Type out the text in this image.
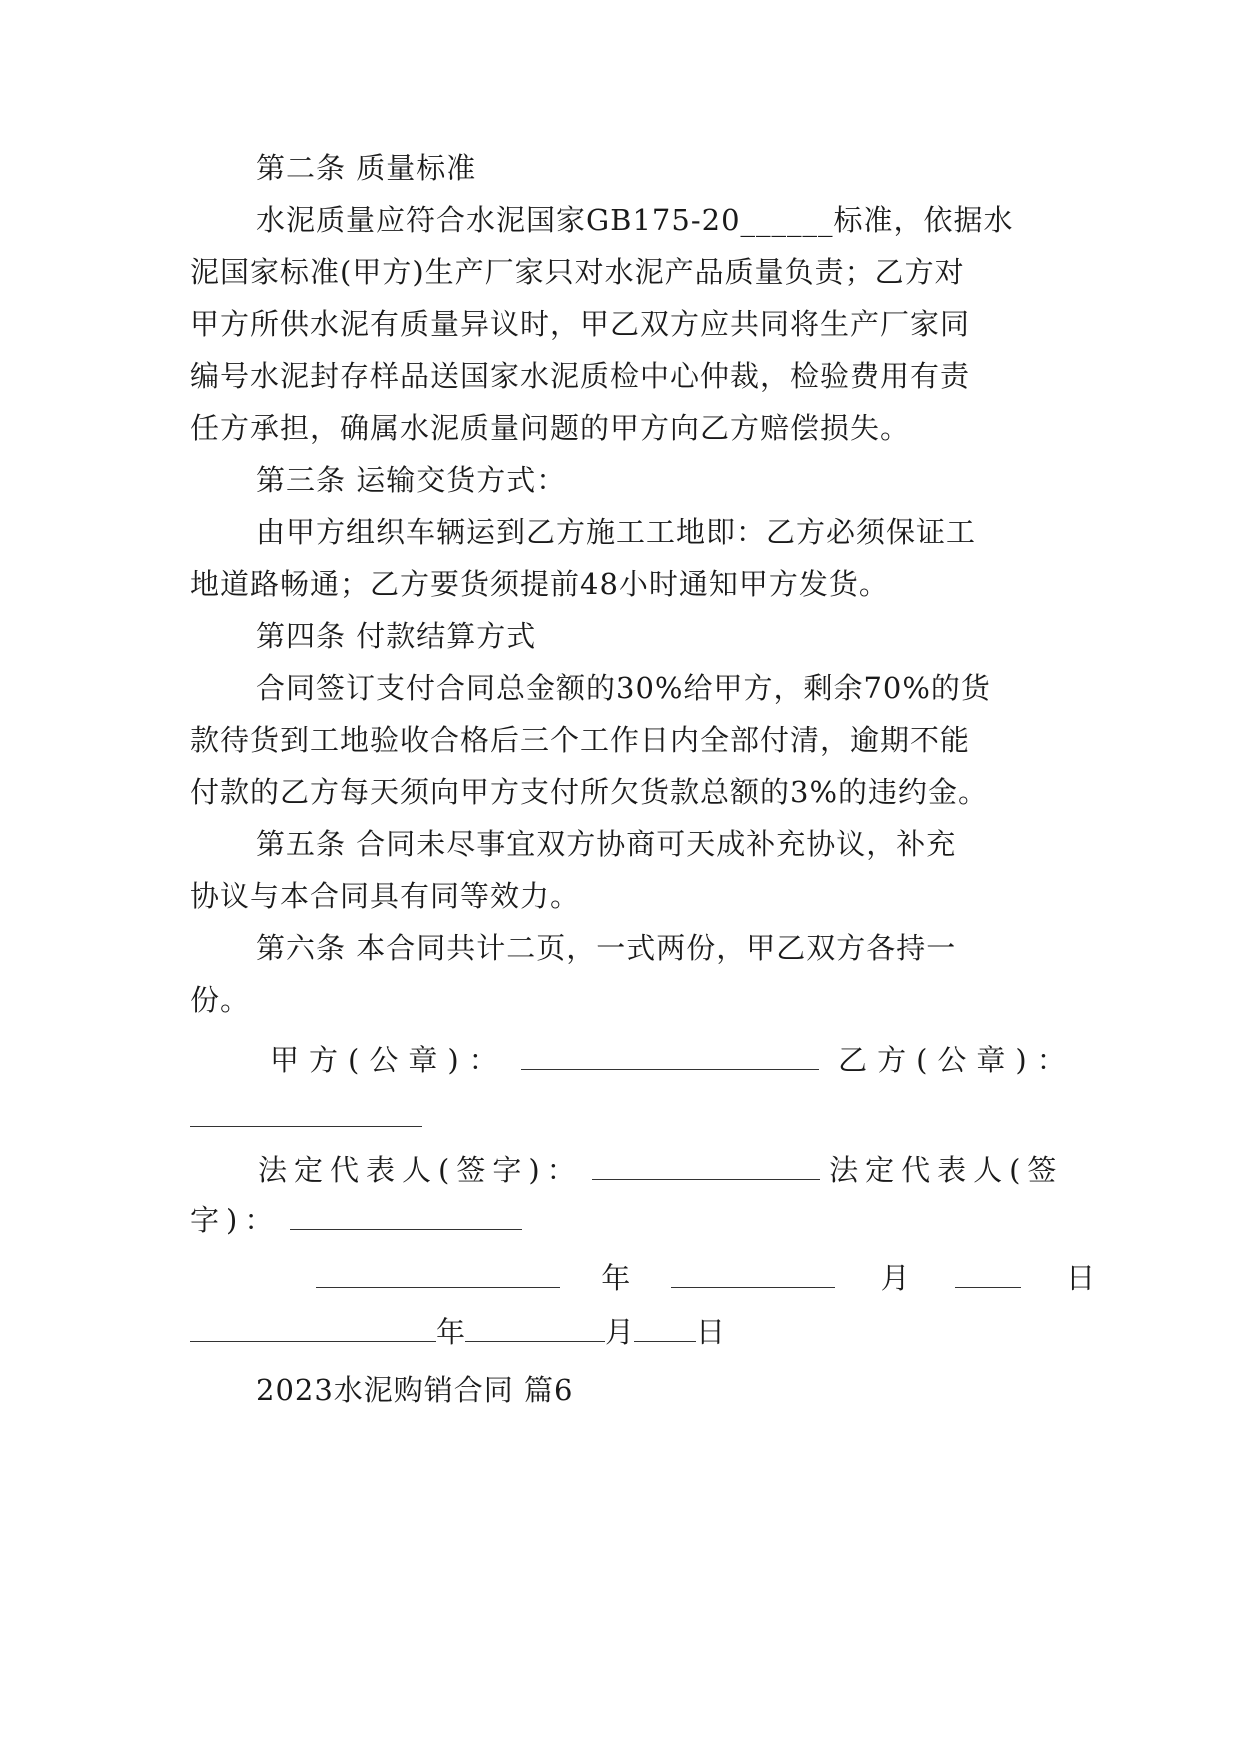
第二条 质量标准
水泥质量应符合水泥国家GB175-20______标准，依据水
泥国家标准(甲方)生产厂家只对水泥产品质量负责；乙方对
甲方所供水泥有质量异议时，甲乙双方应共同将生产厂家同
编号水泥封存样品送国家水泥质检中心仲裁，检验费用有责
任方承担，确属水泥质量问题的甲方向乙方赔偿损失。
第三条 运输交货方式：
由甲方组织车辆运到乙方施工工地即：乙方必须保证工
地道路畅通；乙方要货须提前48小时通知甲方发货。
第四条 付款结算方式
合同签订支付合同总金额的30%给甲方，剩余70%的货
款待货到工地验收合格后三个工作日内全部付清，逾期不能
付款的乙方每天须向甲方支付所欠货款总额的3%的违约金。
第五条 合同未尽事宜双方协商可天成补充协议，补充
协议与本合同具有同等效力。
第六条 本合同共计二页，一式两份，甲乙双方各持一
份。
甲方(公章)：	乙方(公章)：
法定代表人(签字)：	法定代表人(签
字)：
年	月	日
年	月 日
2023水泥购销合同 篇6
